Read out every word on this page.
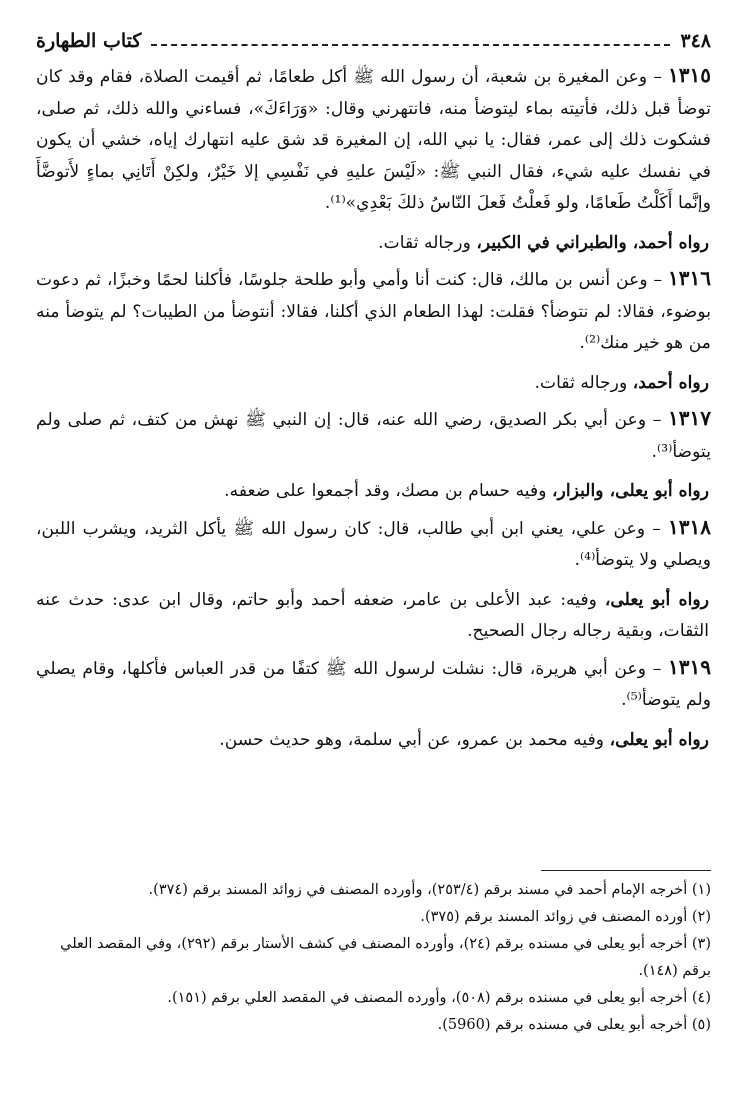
٣٤٨
كتاب الطهارة

١٣١٥ – وعن المغيرة بن شعبة، أن رسول الله ﷺ أكل طعامًا، ثم أقيمت الصلاة، فقام وقد كان توضأ قبل ذلك، فأتيته بماء ليتوضأ منه، فانتهرني وقال: «وَرَاءَكَ»، فساءني والله ذلك، ثم صلى، فشكوت ذلك إلى عمر، فقال: يا نبي الله، إن المغيرة قد شق عليه انتهارك إياه، خشي أن يكون في نفسك عليه شيء، فقال النبي ﷺ: «لَيْسَ عليهِ في نَفْسِي إلا خَيْرٌ، ولكِنْ أَتَانِي بماءٍ لأَتوضَّأَ وإنَّما أَكَلْتُ طَعامًا، ولو فَعلْتُ فَعلَ النّاسُ ذلكَ بَعْدِي»⁽¹⁾.

رواه أحمد، والطبراني في الكبير، ورجاله ثقات.

١٣١٦ – وعن أنس بن مالك، قال: كنت أنا وأمي وأبو طلحة جلوسًا، فأكلنا لحمًا وخبزًا، ثم دعوت بوضوء، فقالا: لم نتوضأ؟ فقلت: لهذا الطعام الذي أكلنا، فقالا: أنتوضأ من الطيبات؟ لم يتوضأ منه من هو خير منك⁽²⁾.

رواه أحمد، ورجاله ثقات.

١٣١٧ – وعن أبي بكر الصديق، رضي الله عنه، قال: إن النبي ﷺ نهش من كتف، ثم صلى ولم يتوضأ⁽³⁾.

رواه أبو يعلى، والبزار، وفيه حسام بن مصك، وقد أجمعوا على ضعفه.

١٣١٨ – وعن علي، يعني ابن أبي طالب، قال: كان رسول الله ﷺ يأكل الثريد، ويشرب اللبن، ويصلي ولا يتوضأ⁽⁴⁾.

رواه أبو يعلى، وفيه: عبد الأعلى بن عامر، ضعفه أحمد وأبو حاتم، وقال ابن عدى: حدث عنه الثقات، وبقية رجاله رجال الصحيح.

١٣١٩ – وعن أبي هريرة، قال: نشلت لرسول الله ﷺ كتفًا من قدر العباس فأكلها، وقام يصلي ولم يتوضأ⁽⁵⁾.

رواه أبو يعلى، وفيه محمد بن عمرو، عن أبي سلمة، وهو حديث حسن.

(١) أخرجه الإمام أحمد في مسند برقم (٢٥٣/٤)، وأورده المصنف في زوائد المسند برقم (٣٧٤).

(٢) أورده المصنف في زوائد المسند برقم (٣٧٥).

(٣) أخرجه أبو يعلى في مسنده برقم (٢٤)، وأورده المصنف في كشف الأستار برقم (٢٩٢)، وفي المقصد العلي برقم (١٤٨).

(٤) أخرجه أبو يعلى في مسنده برقم (٥٠٨)، وأورده المصنف في المقصد العلي برقم (١٥١).

(٥) أخرجه أبو يعلى في مسنده برقم (5960).
